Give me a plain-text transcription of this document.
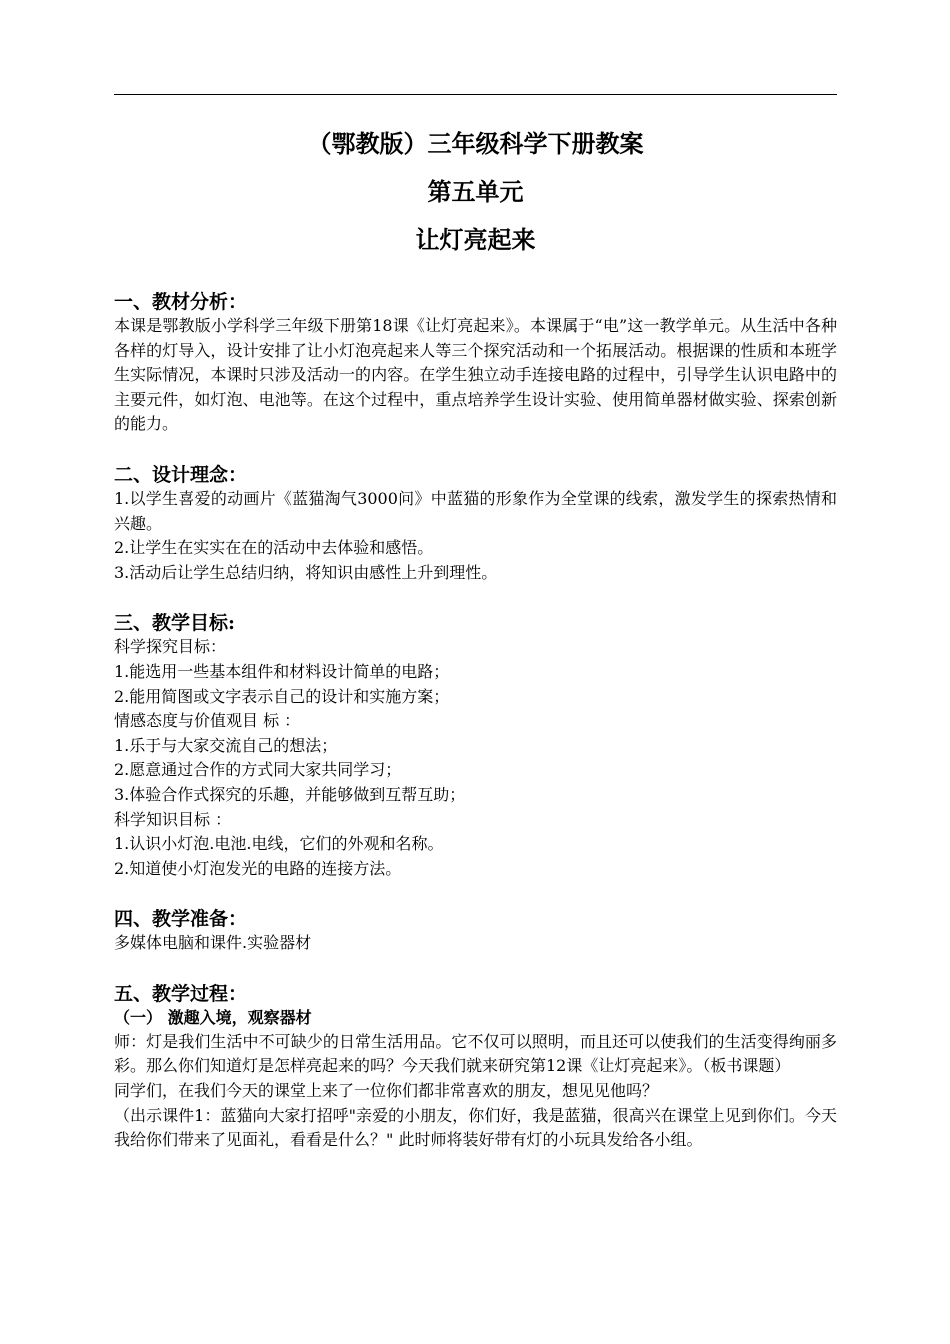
（鄂教版）三年级科学下册教案
第五单元
让灯亮起来
一、教材分析：

本课是鄂教版小学科学三年级下册第18课《让灯亮起来》。本课属于“电”这一教学单元。从生活中各种各样的灯导入，设计安排了让小灯泡亮起来人等三个探究活动和一个拓展活动。根据课的性质和本班学生实际情况，本课时只涉及活动一的内容。在学生独立动手连接电路的过程中，引导学生认识电路中的主要元件，如灯泡、电池等。在这个过程中，重点培养学生设计实验、使用简单器材做实验、探索创新的能力。

二、设计理念：

1.以学生喜爱的动画片《蓝猫淘气3000问》中蓝猫的形象作为全堂课的线索，激发学生的探索热情和兴趣。

2.让学生在实实在在的活动中去体验和感悟。

3.活动后让学生总结归纳，将知识由感性上升到理性。

三、教学目标:

科学探究目标：

1.能选用一些基本组件和材料设计简单的电路；

2.能用简图或文字表示自己的设计和实施方案；

情感态度与价值观目 标 ：

1.乐于与大家交流自己的想法；

2.愿意通过合作的方式同大家共同学习；

3.体验合作式探究的乐趣，并能够做到互帮互助；

科学知识目标 ：

1.认识小灯泡.电池.电线，它们的外观和名称。

2.知道使小灯泡发光的电路的连接方法。

四、教学准备：

多媒体电脑和课件.实验器材

五、教学过程：
（一） 激趣入境，观察器材

师：灯是我们生活中不可缺少的日常生活用品。它不仅可以照明，而且还可以使我们的生活变得绚丽多彩。那么你们知道灯是怎样亮起来的吗？今天我们就来研究第12课《让灯亮起来》。（板书课题）

同学们，在我们今天的课堂上来了一位你们都非常喜欢的朋友，想见见他吗？

（出示课件1：蓝猫向大家打招呼"亲爱的小朋友，你们好，我是蓝猫，很高兴在课堂上见到你们。今天我给你们带来了见面礼，看看是什么？" 此时师将装好带有灯的小玩具发给各小组。
